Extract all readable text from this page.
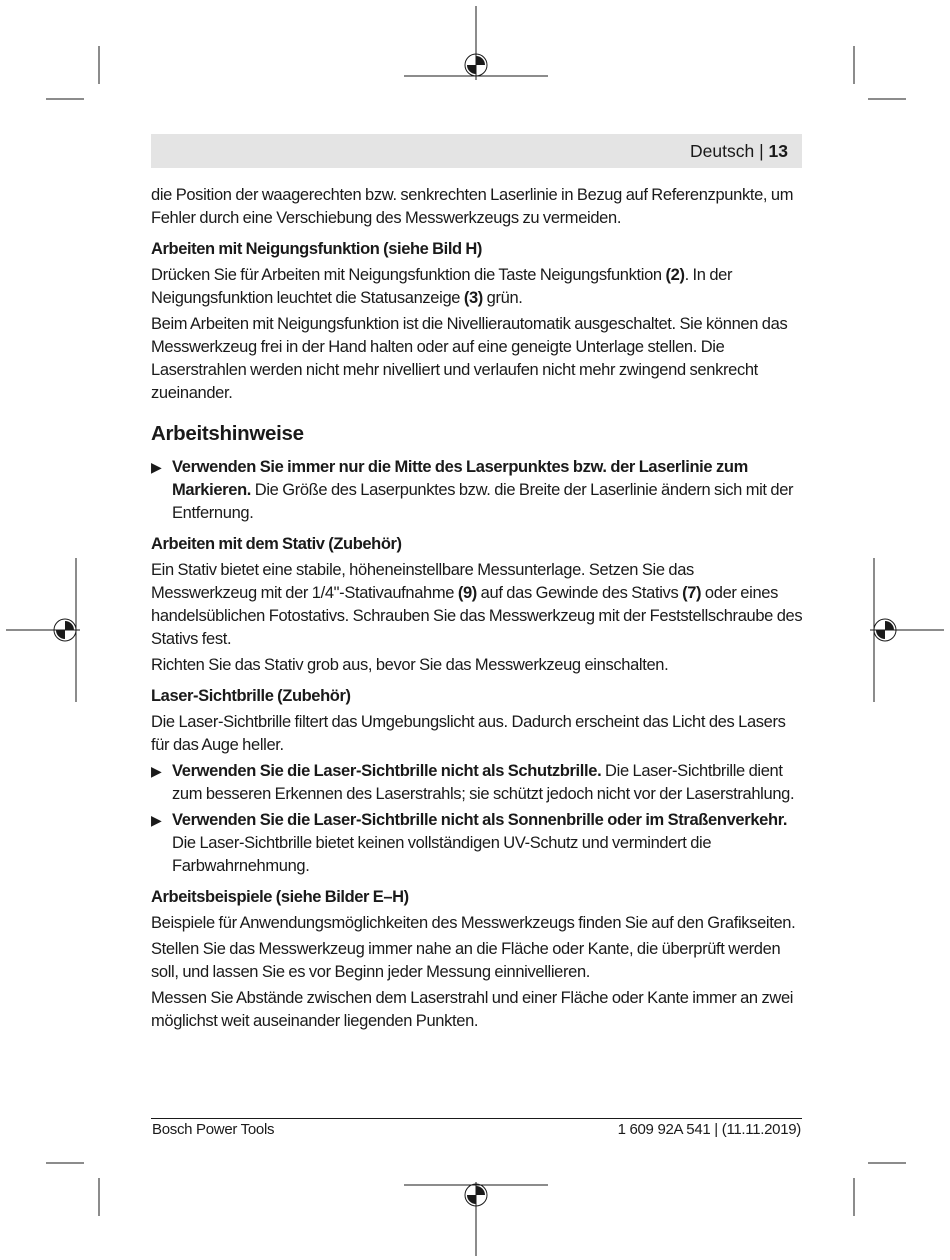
Deutsch | 13

die Position der waagerechten bzw. senkrechten Laserlinie in Bezug auf Referenzpunkte, um Fehler durch eine Verschiebung des Messwerkzeugs zu vermeiden.

Arbeiten mit Neigungsfunktion (siehe Bild H)

Drücken Sie für Arbeiten mit Neigungsfunktion die Taste Neigungsfunktion (2). In der Neigungsfunktion leuchtet die Statusanzeige (3) grün.

Beim Arbeiten mit Neigungsfunktion ist die Nivellierautomatik ausgeschaltet. Sie können das Messwerkzeug frei in der Hand halten oder auf eine geneigte Unterlage stellen. Die Laserstrahlen werden nicht mehr nivelliert und verlaufen nicht mehr zwingend senkrecht zueinander.

Arbeitshinweise
▶ Verwenden Sie immer nur die Mitte des Laserpunktes bzw. der Laserlinie zum Markieren. Die Größe des Laserpunktes bzw. die Breite der Laserlinie ändern sich mit der Entfernung.
Arbeiten mit dem Stativ (Zubehör)

Ein Stativ bietet eine stabile, höheneinstellbare Messunterlage. Setzen Sie das Messwerkzeug mit der 1/4"-Stativaufnahme (9) auf das Gewinde des Stativs (7) oder eines handelsüblichen Fotostativs. Schrauben Sie das Messwerkzeug mit der Feststellschraube des Stativs fest.

Richten Sie das Stativ grob aus, bevor Sie das Messwerkzeug einschalten.

Laser-Sichtbrille (Zubehör)

Die Laser-Sichtbrille filtert das Umgebungslicht aus. Dadurch erscheint das Licht des Lasers für das Auge heller.

▶ Verwenden Sie die Laser-Sichtbrille nicht als Schutzbrille. Die Laser-Sichtbrille dient zum besseren Erkennen des Laserstrahls; sie schützt jedoch nicht vor der Laserstrahlung.
▶ Verwenden Sie die Laser-Sichtbrille nicht als Sonnenbrille oder im Straßenverkehr. Die Laser-Sichtbrille bietet keinen vollständigen UV-Schutz und vermindert die Farbwahrnehmung.
Arbeitsbeispiele (siehe Bilder E–H)

Beispiele für Anwendungsmöglichkeiten des Messwerkzeugs finden Sie auf den Grafikseiten.

Stellen Sie das Messwerkzeug immer nahe an die Fläche oder Kante, die überprüft werden soll, und lassen Sie es vor Beginn jeder Messung einnivellieren.

Messen Sie Abstände zwischen dem Laserstrahl und einer Fläche oder Kante immer an zwei möglichst weit auseinander liegenden Punkten.

Bosch Power Tools	1 609 92A 541 | (11.11.2019)
